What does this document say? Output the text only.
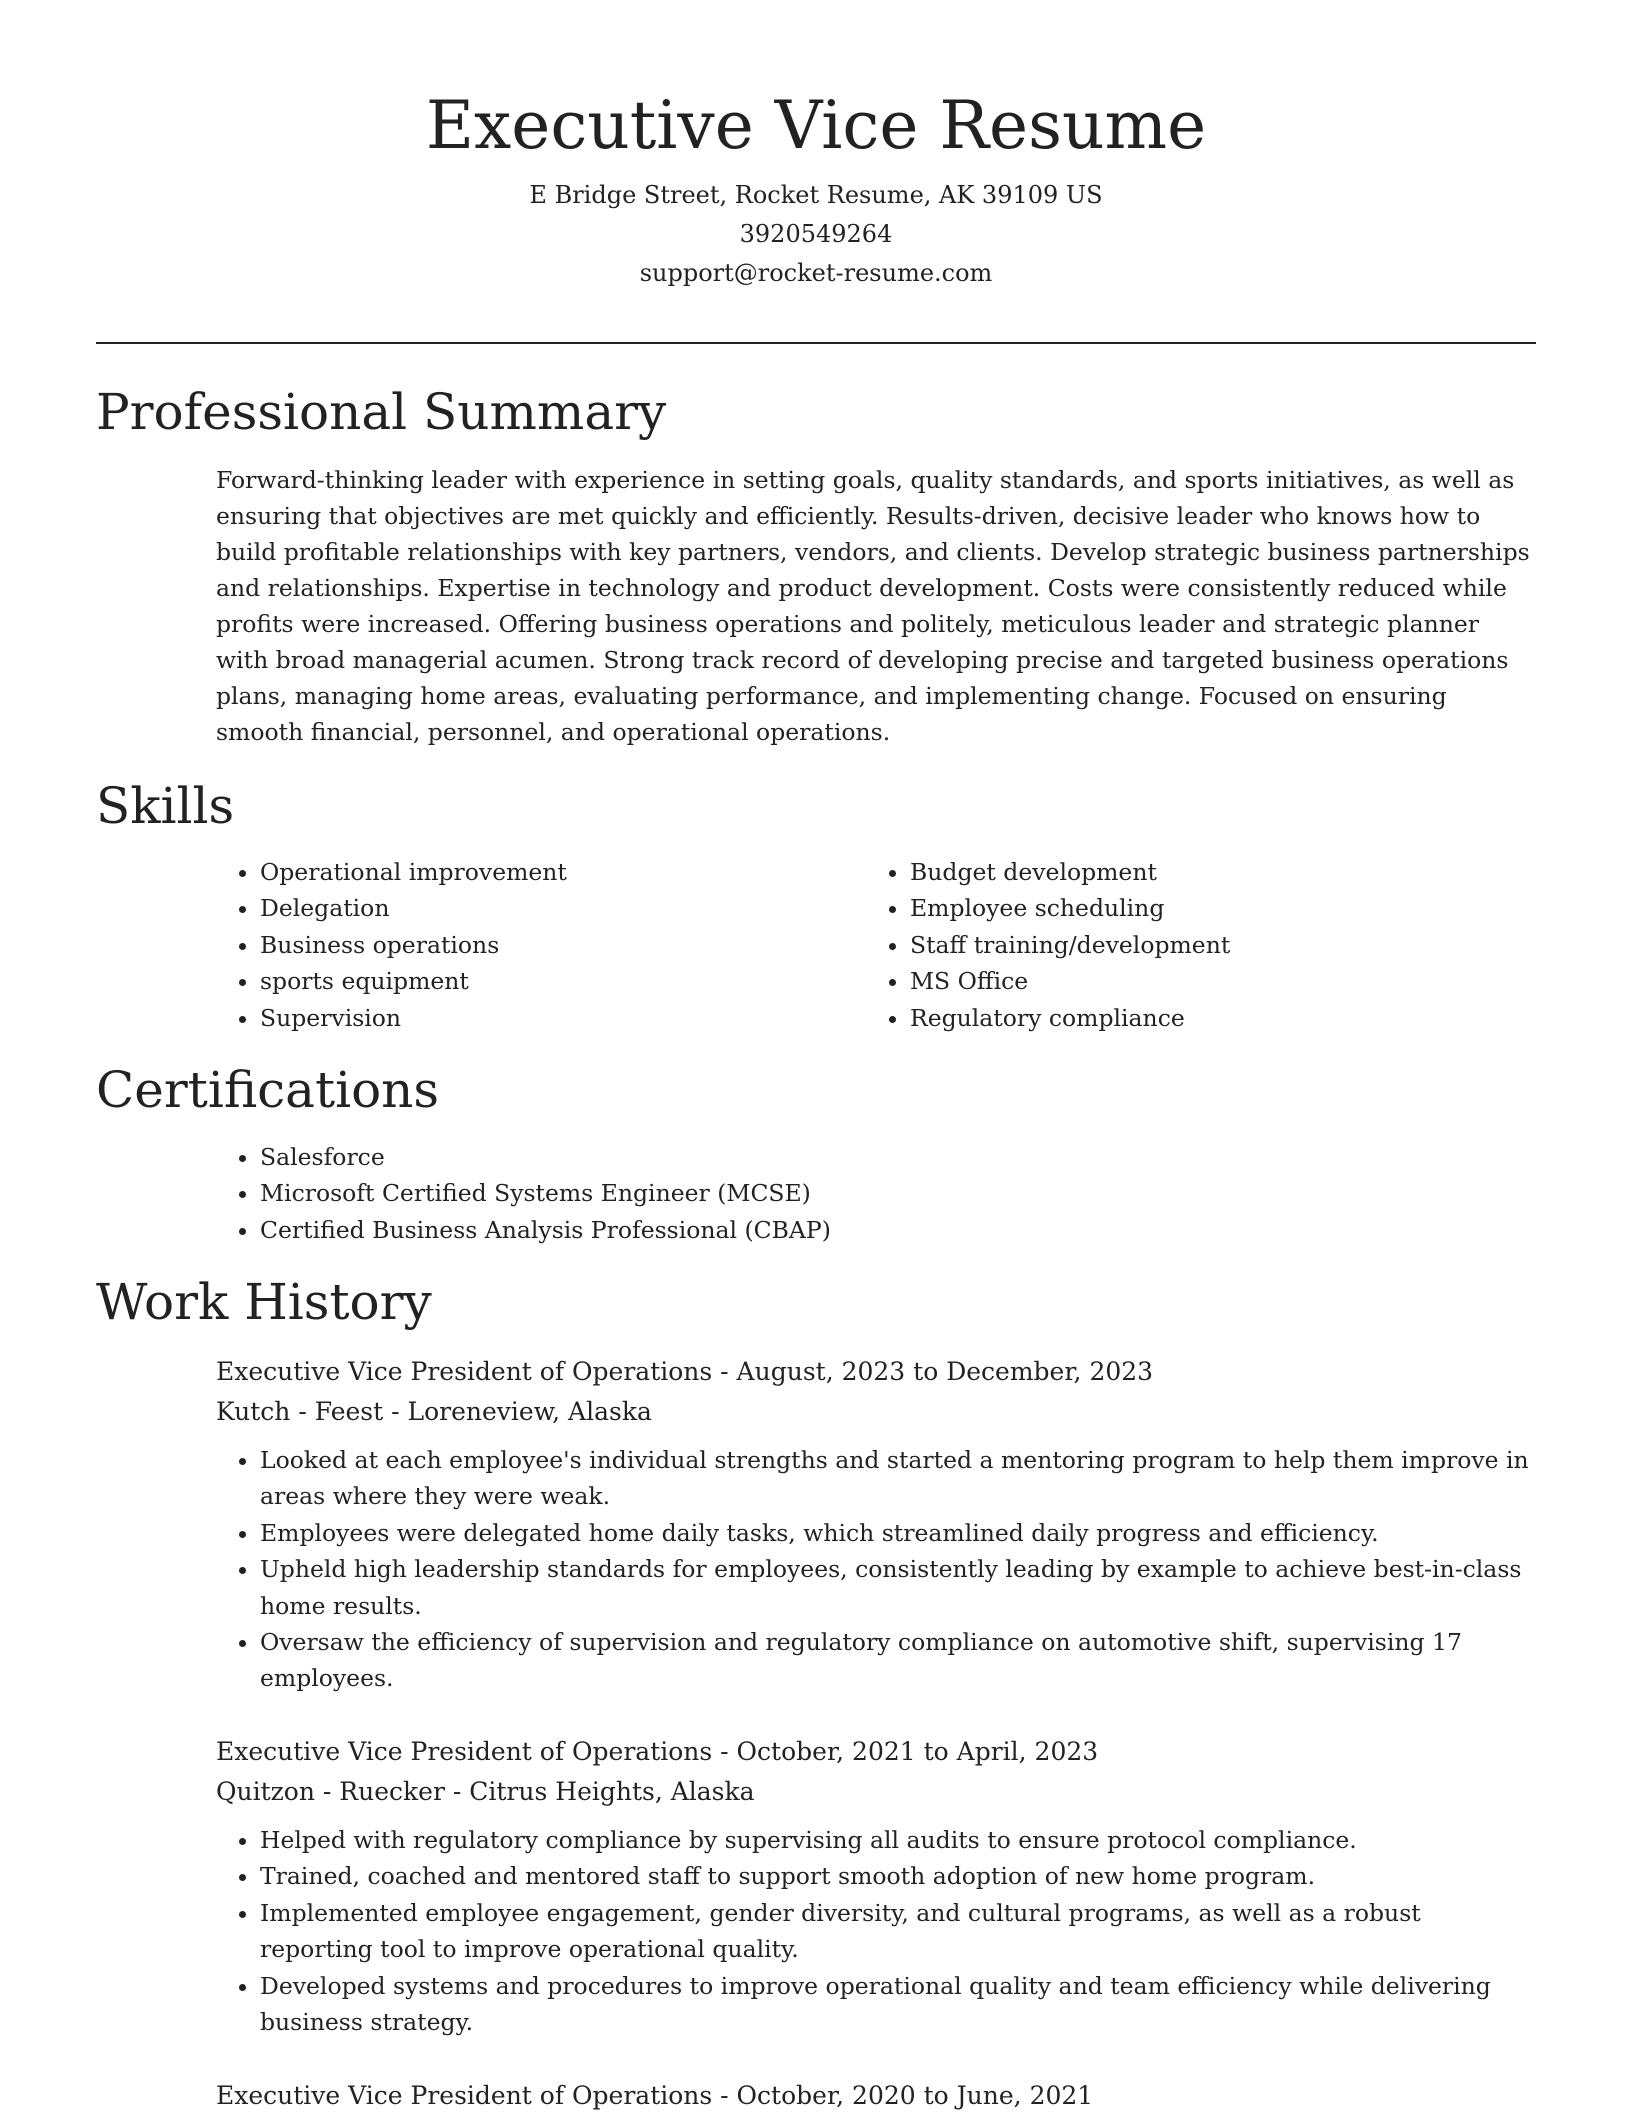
Executive Vice Resume
E Bridge Street, Rocket Resume, AK 39109 US
3920549264
support@rocket-resume.com
Professional Summary

Forward-thinking leader with experience in setting goals, quality standards, and sports initiatives, as well as ensuring that objectives are met quickly and efficiently. Results-driven, decisive leader who knows how to build profitable relationships with key partners, vendors, and clients. Develop strategic business partnerships and relationships. Expertise in technology and product development. Costs were consistently reduced while profits were increased. Offering business operations and politely, meticulous leader and strategic planner with broad managerial acumen. Strong track record of developing precise and targeted business operations plans, managing home areas, evaluating performance, and implementing change. Focused on ensuring smooth financial, personnel, and operational operations.

Skills
• Operational improvement
• Delegation
• Business operations
• sports equipment
• Supervision
• Budget development
• Employee scheduling
• Staff training/development
• MS Office
• Regulatory compliance
Certifications
• Salesforce
• Microsoft Certified Systems Engineer (MCSE)
• Certified Business Analysis Professional (CBAP)
Work History
Executive Vice President of Operations - August, 2023 to December, 2023
Kutch - Feest - Loreneview, Alaska
• Looked at each employee's individual strengths and started a mentoring program to help them improve in areas where they were weak.
• Employees were delegated home daily tasks, which streamlined daily progress and efficiency.
• Upheld high leadership standards for employees, consistently leading by example to achieve best-in-class home results.
• Oversaw the efficiency of supervision and regulatory compliance on automotive shift, supervising 17 employees.
Executive Vice President of Operations - October, 2021 to April, 2023
Quitzon - Ruecker - Citrus Heights, Alaska
• Helped with regulatory compliance by supervising all audits to ensure protocol compliance.
• Trained, coached and mentored staff to support smooth adoption of new home program.
• Implemented employee engagement, gender diversity, and cultural programs, as well as a robust reporting tool to improve operational quality.
• Developed systems and procedures to improve operational quality and team efficiency while delivering business strategy.
Executive Vice President of Operations - October, 2020 to June, 2021
